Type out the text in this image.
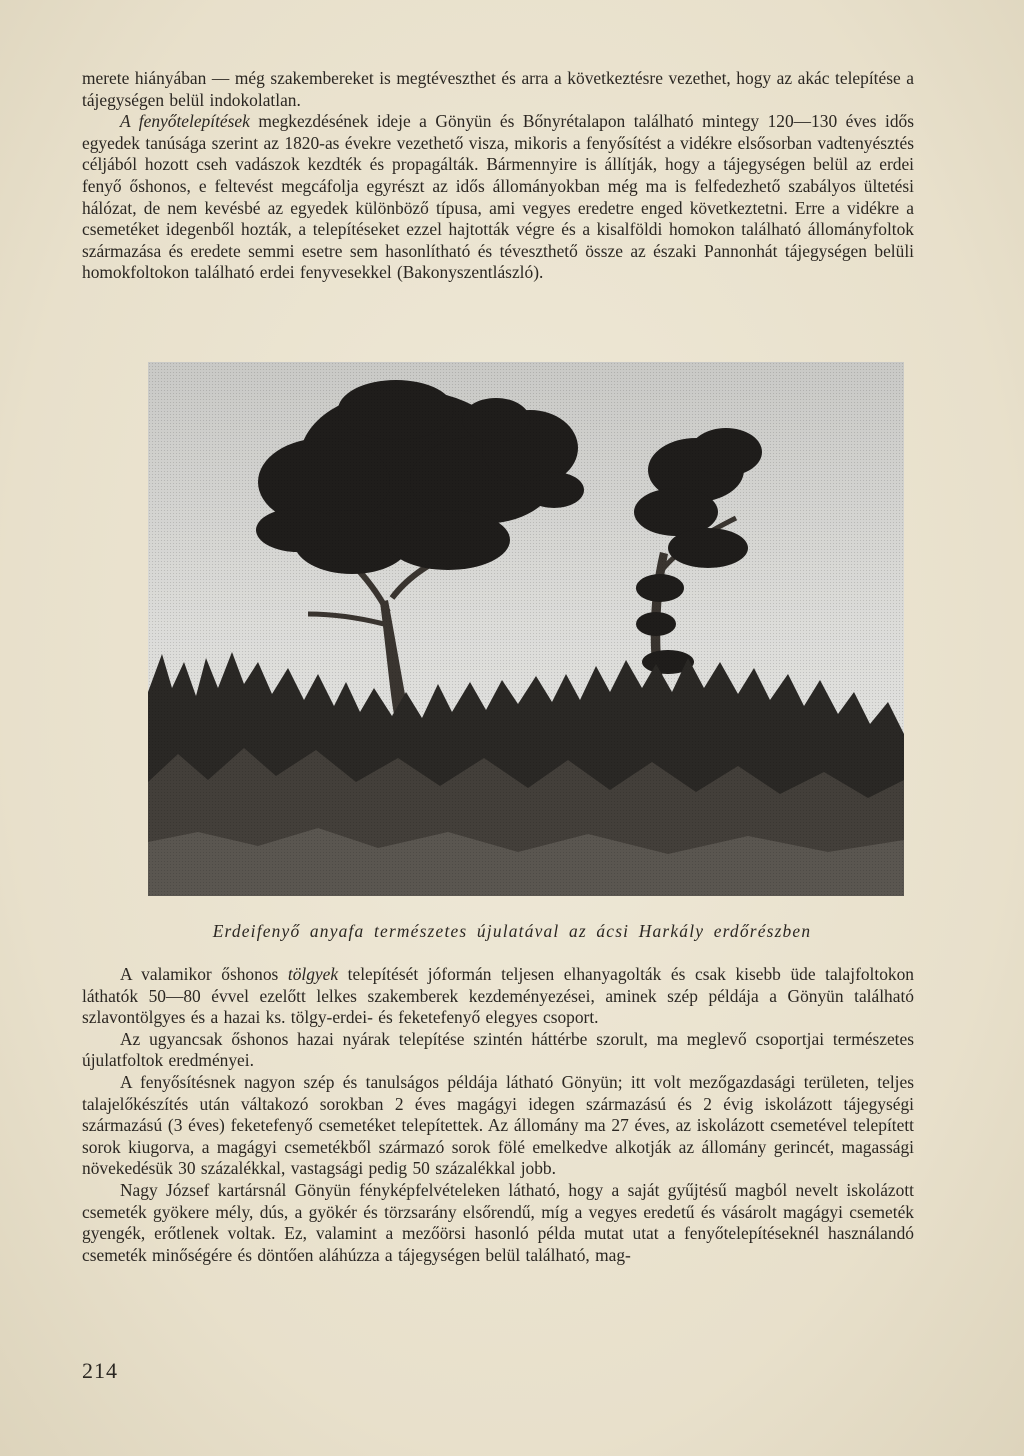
merete hiányában — még szakembereket is megtéveszthet és arra a következtésre vezethet, hogy az akác telepítése a tájegységen belül indokolatlan.

A fenyőtelepítések megkezdésének ideje a Gönyün és Bőnyrétalapon található mintegy 120—130 éves idős egyedek tanúsága szerint az 1820-as évekre vezethető visza, mikoris a fenyősítést a vidékre elsősorban vadtenyésztés céljából hozott cseh vadászok kezdték és propagálták. Bármennyire is állítják, hogy a tájegységen belül az erdei fenyő őshonos, e feltevést megcáfolja egyrészt az idős állományokban még ma is felfedezhető szabályos ültetési hálózat, de nem kevésbé az egyedek különböző típusa, ami vegyes eredetre enged következtetni. Erre a vidékre a csemetéket idegenből hozták, a telepítéseket ezzel hajtották végre és a kisalföldi homokon található állományfoltok származása és eredete semmi esetre sem hasonlítható és téveszthető össze az északi Pannonhát tájegységen belüli homokfoltokon található erdei fenyvesekkel (Bakonyszentlászló).

Erdeifenyő anyafa természetes újulatával az ácsi Harkály erdőrészben

A valamikor őshonos tölgyek telepítését jóformán teljesen elhanyagolták és csak kisebb üde talajfoltokon láthatók 50—80 évvel ezelőtt lelkes szakemberek kezdeményezései, aminek szép példája a Gönyün található szlavontölgyes és a hazai ks. tölgy-erdei- és feketefenyő elegyes csoport.

Az ugyancsak őshonos hazai nyárak telepítése szintén háttérbe szorult, ma meglevő csoportjai természetes újulatfoltok eredményei.

A fenyősítésnek nagyon szép és tanulságos példája látható Gönyün; itt volt mezőgazdasági területen, teljes talajelőkészítés után váltakozó sorokban 2 éves magágyi idegen származású és 2 évig iskolázott tájegységi származású (3 éves) feketefenyő csemetéket telepítettek. Az állomány ma 27 éves, az iskolázott csemetével telepített sorok kiugorva, a magágyi csemetékből származó sorok fölé emelkedve alkotják az állomány gerincét, magassági növekedésük 30 százalékkal, vastagsági pedig 50 százalékkal jobb.

Nagy József kartársnál Gönyün fényképfelvételeken látható, hogy a saját gyűjtésű magból nevelt iskolázott csemeték gyökere mély, dús, a gyökér és törzsarány elsőrendű, míg a vegyes eredetű és vásárolt magágyi csemeték gyengék, erőtlenek voltak. Ez, valamint a mezőörsi hasonló példa mutat utat a fenyőtelepítéseknél használandó csemeték minőségére és döntően aláhúzza a tájegységen belül található, mag-

214
